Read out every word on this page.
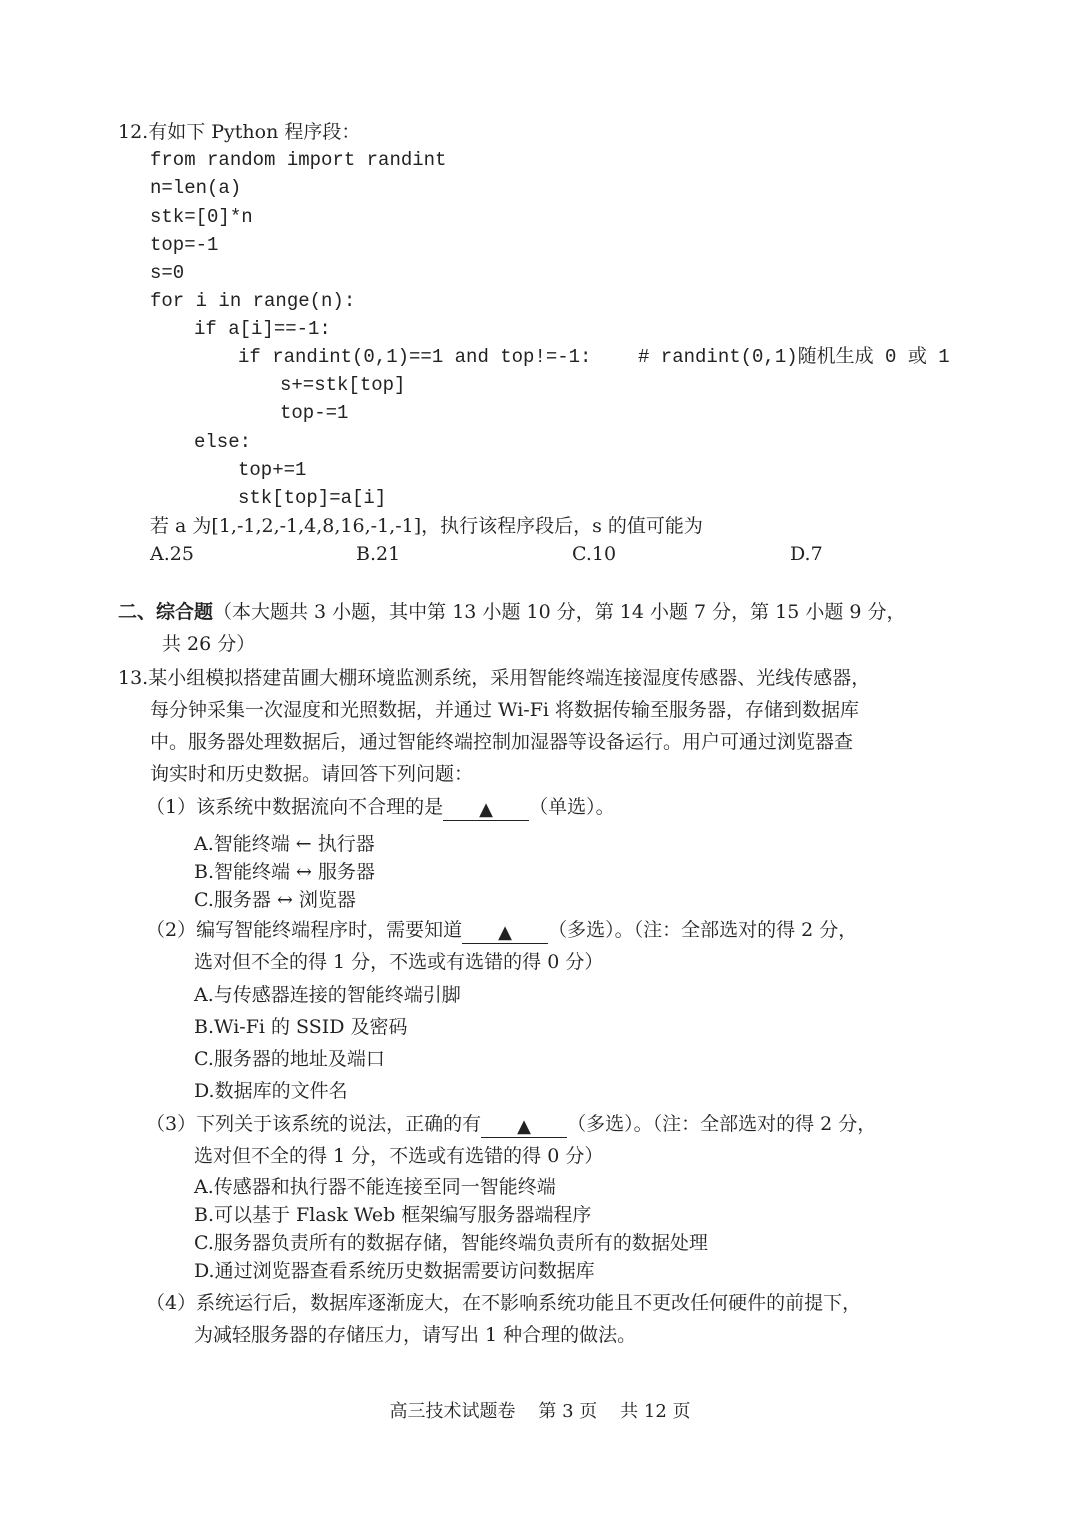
12.有如下 Python 程序段：
from random import randint
n=len(a)
stk=[0]*n
top=-1
s=0
for i in range(n):
if a[i]==-1:
if randint(0,1)==1 and top!=-1: # randint(0,1)随机生成 0 或 1
s+=stk[top]
top-=1
else:
top+=1
stk[top]=a[i]
若 a 为[1,-1,2,-1,4,8,16,-1,-1]，执行该程序段后，s 的值可能为
A.25	B.21	C.10	D.7
二、综合题（本大题共 3 小题，其中第 13 小题 10 分，第 14 小题 7 分，第 15 小题 9 分，
共 26 分）
13.某小组模拟搭建苗圃大棚环境监测系统，采用智能终端连接湿度传感器、光线传感器，
每分钟采集一次湿度和光照数据，并通过 Wi-Fi 将数据传输至服务器，存储到数据库
中。服务器处理数据后，通过智能终端控制加湿器等设备运行。用户可通过浏览器查
询实时和历史数据。请回答下列问题：
（1）该系统中数据流向不合理的是 ▲ （单选）。
A.智能终端 ← 执行器
B.智能终端 ↔ 服务器
C.服务器 ↔ 浏览器
（2）编写智能终端程序时，需要知道 ▲ （多选）。（注：全部选对的得 2 分，
选对但不全的得 1 分，不选或有选错的得 0 分）
A.与传感器连接的智能终端引脚
B.Wi-Fi 的 SSID 及密码
C.服务器的地址及端口
D.数据库的文件名
（3）下列关于该系统的说法，正确的有 ▲ （多选）。（注：全部选对的得 2 分，
选对但不全的得 1 分，不选或有选错的得 0 分）
A.传感器和执行器不能连接至同一智能终端
B.可以基于 Flask Web 框架编写服务器端程序
C.服务器负责所有的数据存储，智能终端负责所有的数据处理
D.通过浏览器查看系统历史数据需要访问数据库
（4）系统运行后，数据库逐渐庞大，在不影响系统功能且不更改任何硬件的前提下，
为减轻服务器的存储压力，请写出 1 种合理的做法。
高三技术试题卷    第 3 页    共 12 页
